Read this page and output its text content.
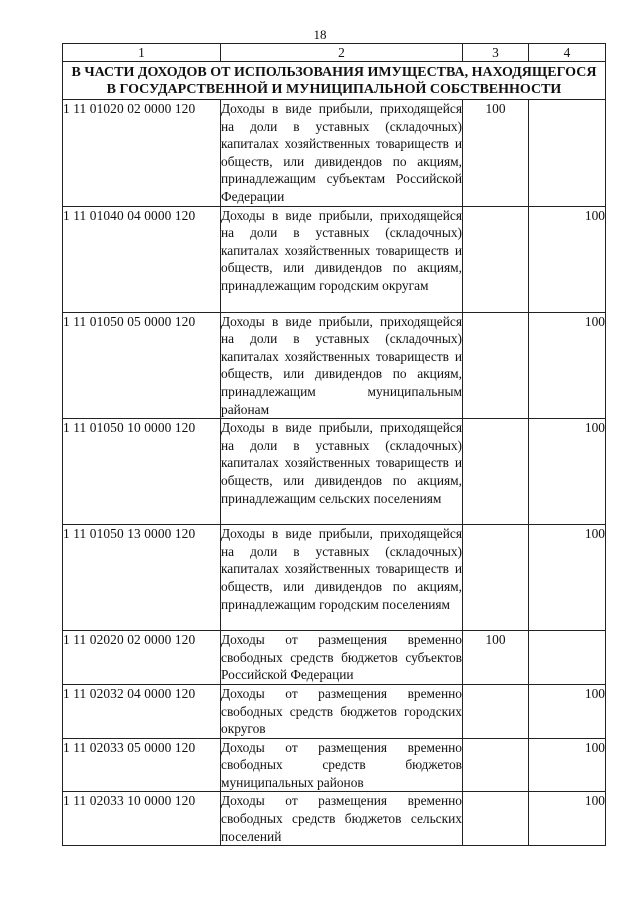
18
1	2	3	4
В ЧАСТИ ДОХОДОВ ОТ ИСПОЛЬЗОВАНИЯ ИМУЩЕСТВА, НАХОДЯЩЕГОСЯ В ГОСУДАРСТВЕННОЙ И МУНИЦИПАЛЬНОЙ СОБСТВЕННОСТИ			
1 11 01020 02 0000 120	Доходы в виде прибыли, приходящейся на доли в уставных (складочных) капиталах хозяйственных товариществ и обществ, или дивидендов по акциям, принадлежащим субъектам Российской Федерации	100	
1 11 01040 04 0000 120	Доходы в виде прибыли, приходящейся на доли в уставных (складочных) капиталах хозяйственных товариществ и обществ, или дивидендов по акциям, принадлежащим городским округам		100
1 11 01050 05 0000 120	Доходы в виде прибыли, приходящейся на доли в уставных (складочных) капиталах хозяйственных товариществ и обществ, или дивидендов по акциям, принадлежащим муниципальным районам		100
1 11 01050 10 0000 120	Доходы в виде прибыли, приходящейся на доли в уставных (складочных) капиталах хозяйственных товариществ и обществ, или дивидендов по акциям, принадлежащим сельских поселениям		100
1 11 01050 13 0000 120	Доходы в виде прибыли, приходящейся на доли в уставных (складочных) капиталах хозяйственных товариществ и обществ, или дивидендов по акциям, принадлежащим городским поселениям		100
1 11 02020 02 0000 120	Доходы от размещения временно свободных средств бюджетов субъектов Российской Федерации	100	
1 11 02032 04 0000 120	Доходы от размещения временно свободных средств бюджетов городских округов		100
1 11 02033 05 0000 120	Доходы от размещения временно свободных средств бюджетов муниципальных районов		100
1 11 02033 10 0000 120	Доходы от размещения временно свободных средств бюджетов сельских поселений		100
